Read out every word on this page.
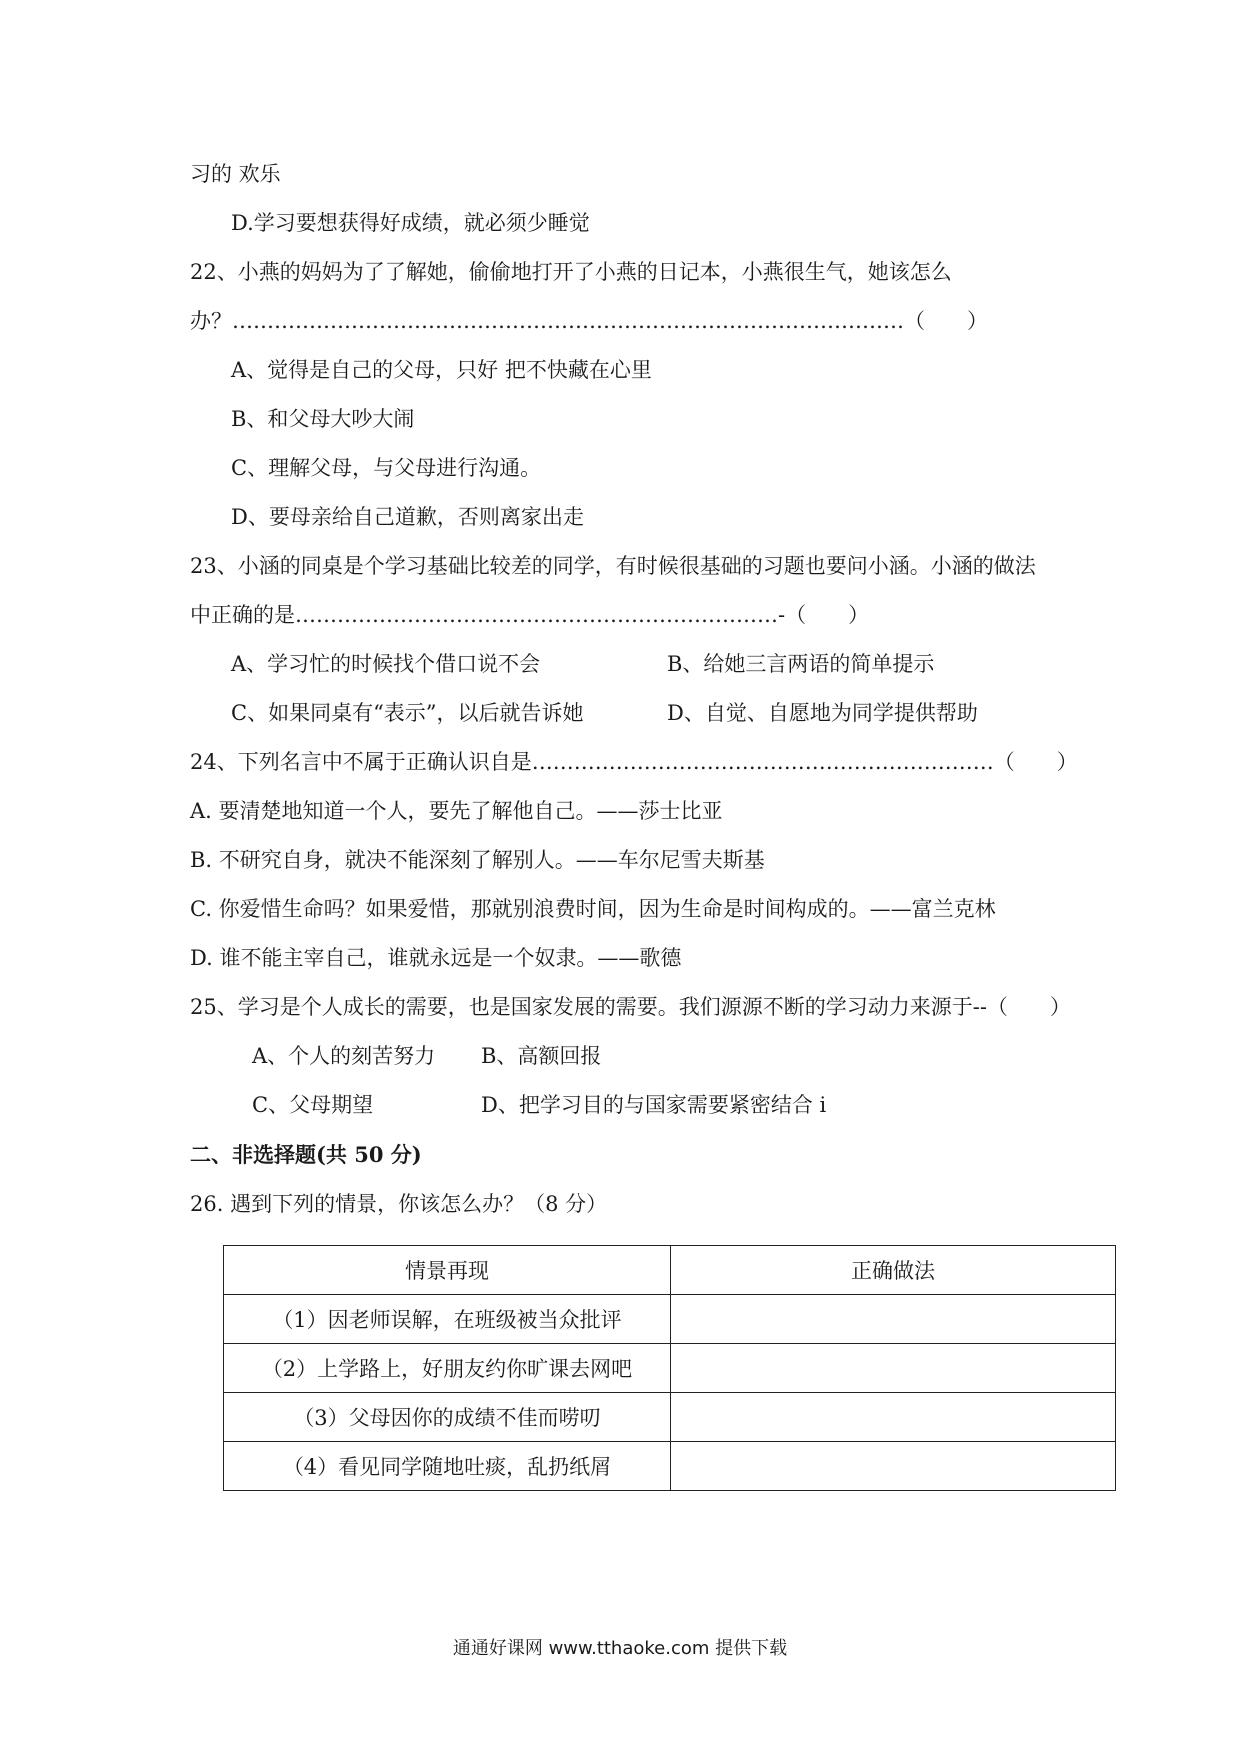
习的 欢乐
D.学习要想获得好成绩，就必须少睡觉
22、小燕的妈妈为了了解她，偷偷地打开了小燕的日记本，小燕很生气，她该怎么
办？……………………………………………………………………………………（　　）
A、觉得是自己的父母，只好 把不快藏在心里
B、和父母大吵大闹
C、理解父母，与父母进行沟通。
D、要母亲给自己道歉，否则离家出走
23、小涵的同桌是个学习基础比较差的同学，有时候很基础的习题也要问小涵。小涵的做法
中正确的是……………………………………………………………-（　　）
A、学习忙的时候找个借口说不会	B、给她三言两语的简单提示
C、如果同桌有“表示”，以后就告诉她	D、自觉、自愿地为同学提供帮助
24、下列名言中不属于正确认识自是…………………………………………………………（　　）
A. 要清楚地知道一个人，要先了解他自己。——莎士比亚
B. 不研究自身，就决不能深刻了解别人。——车尔尼雪夫斯基
C. 你爱惜生命吗？如果爱惜，那就别浪费时间，因为生命是时间构成的。——富兰克林
D. 谁不能主宰自己，谁就永远是一个奴隶。——歌德
25、学习是个人成长的需要，也是国家发展的需要。我们源源不断的学习动力来源于--（　　）
A、个人的刻苦努力 B、高额回报
C、父母期望	D、把学习目的与国家需要紧密结合 i
二、非选择题(共 50 分)
26. 遇到下列的情景，你该怎么办？（8 分）
情景再现	正确做法
（1）因老师误解，在班级被当众批评	
（2）上学路上，好朋友约你旷课去网吧	
（3）父母因你的成绩不佳而唠叨	
（4）看见同学随地吐痰，乱扔纸屑	
通通好课网 www.tthaoke.com 提供下载
